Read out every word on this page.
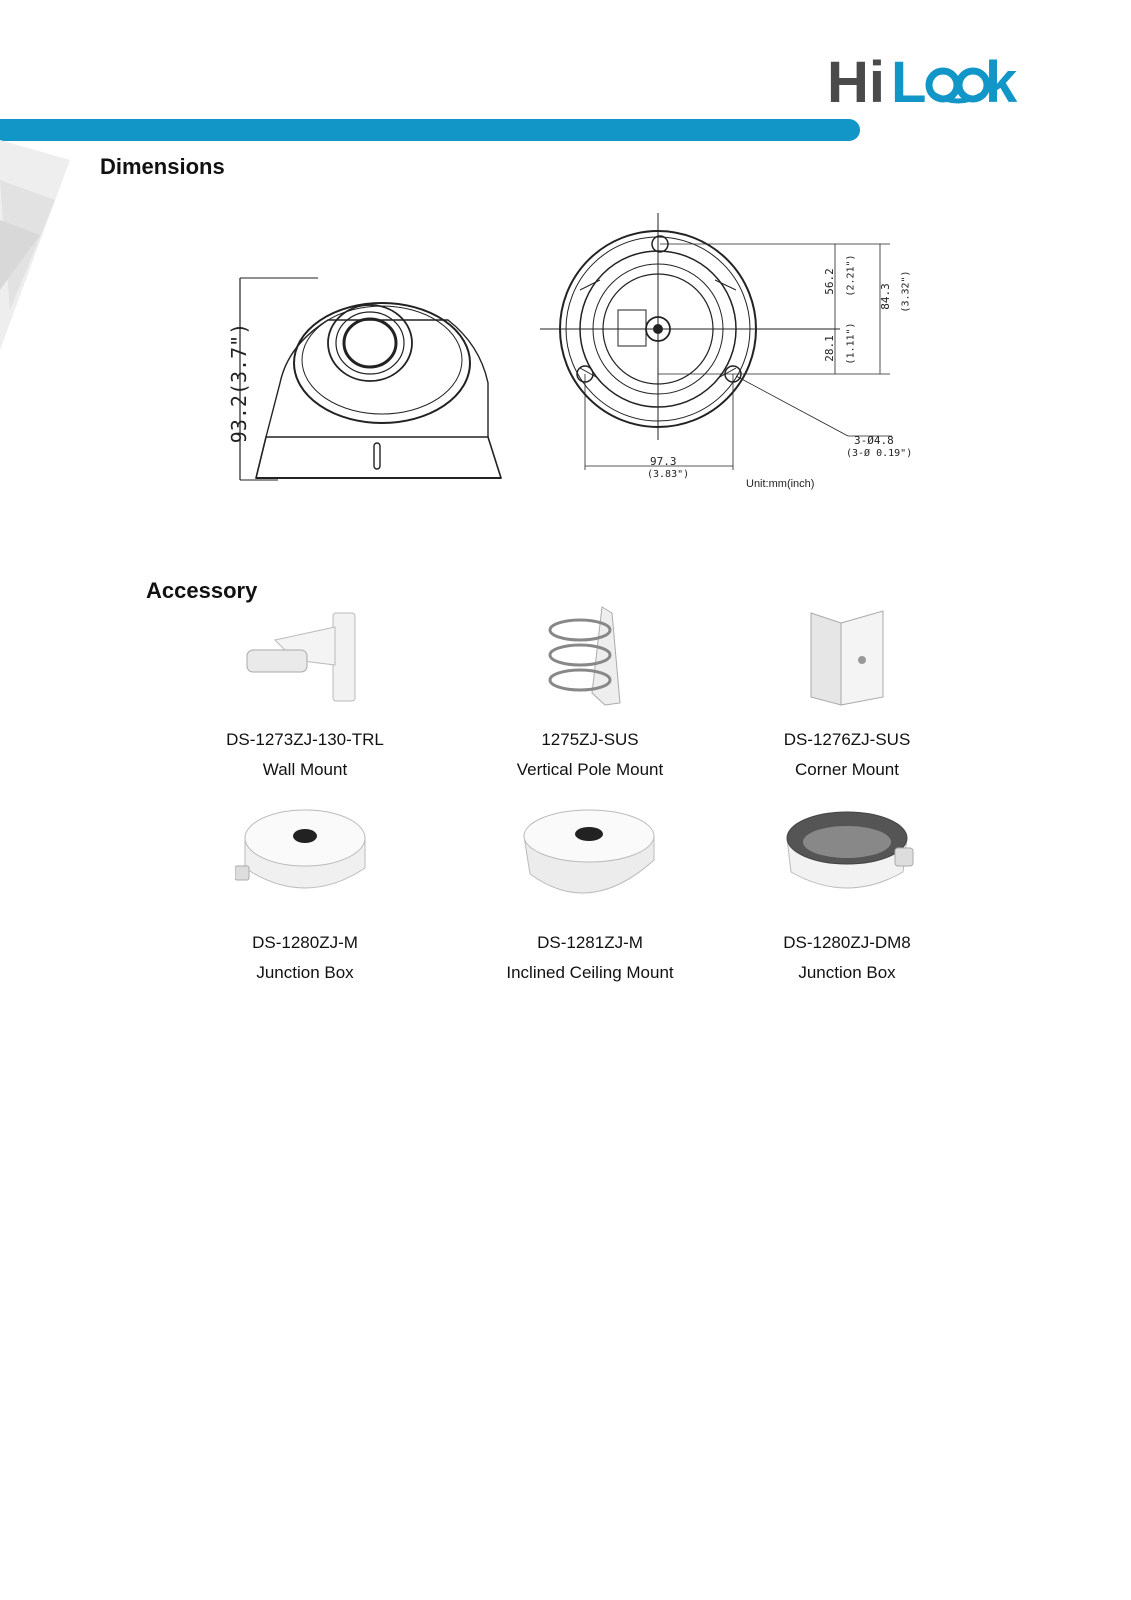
Hi L k
Dimensions
93.2(3.7")
56.2 (2.21") 84.3 (3.32")
28.1 (1.11")
97.3
(3.83")
3-Ø4.8
(3-Ø 0.19")
Unit:mm(inch)
Accessory
DS-1273ZJ-130-TRL
Wall Mount
1275ZJ-SUS
Vertical Pole Mount
DS-1276ZJ-SUS
Corner Mount
DS-1280ZJ-M
Junction Box
DS-1281ZJ-M
Inclined Ceiling Mount
DS-1280ZJ-DM8
Junction Box
